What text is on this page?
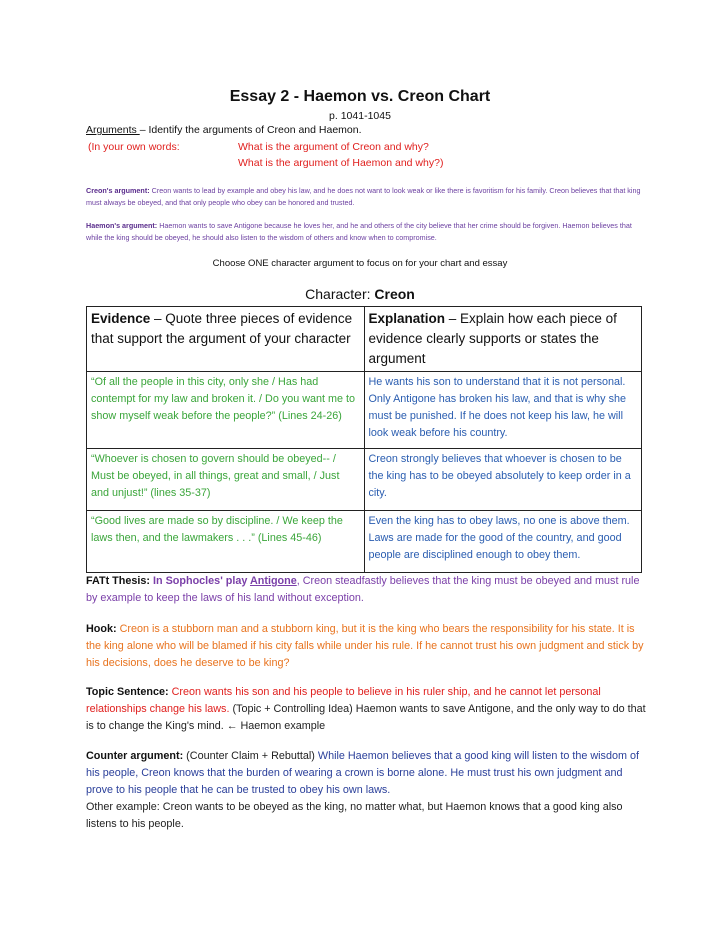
Essay 2 - Haemon vs. Creon Chart
p. 1041-1045
Arguments – Identify the arguments of Creon and Haemon.
(In your own words:	What is the argument of Creon and why?
What is the argument of Haemon and why?)
Creon's argument: Creon wants to lead by example and obey his law, and he does not want to look weak or like there is favoritism for his family. Creon believes that that king must always be obeyed, and that only people who obey can be honored and trusted.
Haemon's argument: Haemon wants to save Antigone because he loves her, and he and others of the city believe that her crime should be forgiven. Haemon believes that while the king should be obeyed, he should also listen to the wisdom of others and know when to compromise.
Choose ONE character argument to focus on for your chart and essay
Character: Creon
Evidence – Quote three pieces of evidence that support the argument of your character	Explanation – Explain how each piece of evidence clearly supports or states the argument
“Of all the people in this city, only she / Has had contempt for my law and broken it. / Do you want me to show myself weak before the people?” (Lines 24-26)	He wants his son to understand that it is not personal. Only Antigone has broken his law, and that is why she must be punished. If he does not keep his law, he will look weak before his country.
“Whoever is chosen to govern should be obeyed-- / Must be obeyed, in all things, great and small, / Just and unjust!” (lines 35-37)	Creon strongly believes that whoever is chosen to be the king has to be obeyed absolutely to keep order in a city.
“Good lives are made so by discipline. / We keep the laws then, and the lawmakers . . .” (Lines 45-46)	Even the king has to obey laws, no one is above them. Laws are made for the good of the country, and good people are disciplined enough to obey them.
FATt Thesis: In Sophocles' play Antigone, Creon steadfastly believes that the king must be obeyed and must rule by example to keep the laws of his land without exception.
Hook: Creon is a stubborn man and a stubborn king, but it is the king who bears the responsibility for his state. It is the king alone who will be blamed if his city falls while under his rule. If he cannot trust his own judgment and stick by his decisions, does he deserve to be king?
Topic Sentence: Creon wants his son and his people to believe in his ruler ship, and he cannot let personal relationships change his laws. (Topic + Controlling Idea) Haemon wants to save Antigone, and the only way to do that is to change the King's mind. ← Haemon example
Counter argument: (Counter Claim + Rebuttal) While Haemon believes that a good king will listen to the wisdom of his people, Creon knows that the burden of wearing a crown is borne alone. He must trust his own judgment and prove to his people that he can be trusted to obey his own laws.
Other example: Creon wants to be obeyed as the king, no matter what, but Haemon knows that a good king also listens to his people.
